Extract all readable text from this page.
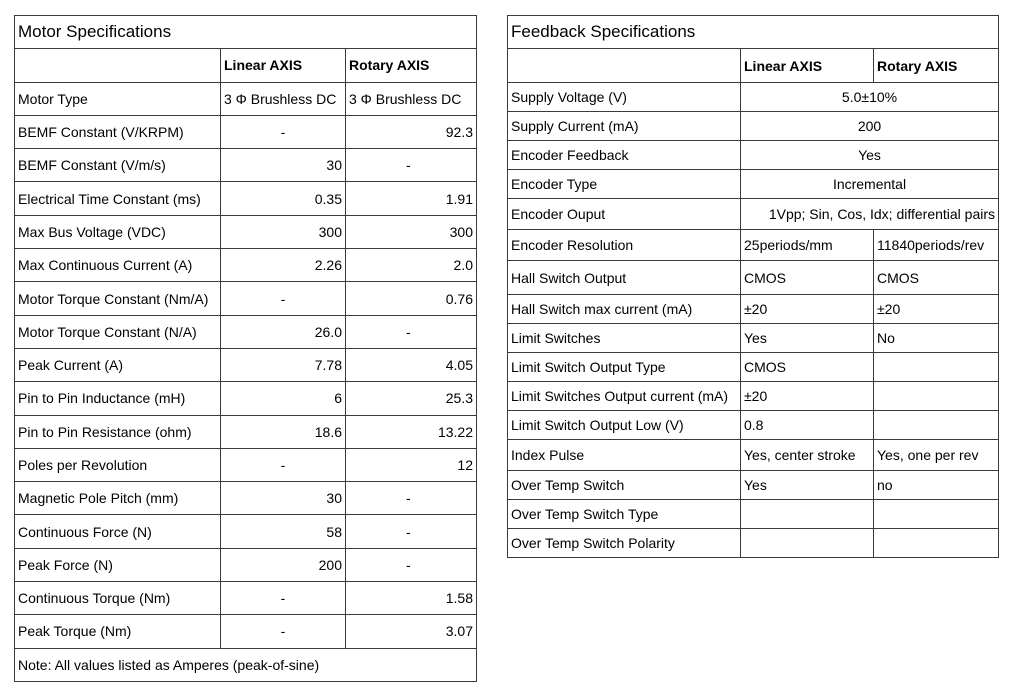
Motor Specifications		
	Linear AXIS	Rotary AXIS
Motor Type	3 Φ Brushless DC	3 Φ Brushless DC
BEMF Constant (V/KRPM)	-	92.3
BEMF Constant (V/m/s)	30	-
Electrical Time Constant (ms)	0.35	1.91
Max Bus Voltage (VDC)	300	300
Max Continuous Current (A)	2.26	2.0
Motor Torque Constant (Nm/A)	-	0.76
Motor Torque Constant (N/A)	26.0	-
Peak Current (A)	7.78	4.05
Pin to Pin Inductance (mH)	6	25.3
Pin to Pin Resistance (ohm)	18.6	13.22
Poles per Revolution	-	12
Magnetic Pole Pitch (mm)	30	-
Continuous Force (N)	58	-
Peak Force (N)	200	-
Continuous Torque (Nm)	-	1.58
Peak Torque (Nm)	-	3.07
Note: All values listed as Amperes (peak-of-sine)		
Feedback Specifications		
	Linear AXIS	Rotary AXIS
Supply Voltage (V)	5.0±10%	
Supply Current (mA)	200	
Encoder Feedback	Yes	
Encoder Type	Incremental	
Encoder Ouput	1Vpp; Sin, Cos, Idx; differential pairs	
Encoder Resolution	25periods/mm	11840periods/rev
Hall Switch Output	CMOS	CMOS
Hall Switch max current (mA)	±20	±20
Limit Switches	Yes	No
Limit Switch Output Type	CMOS	
Limit Switches Output current (mA)	±20	
Limit Switch Output Low (V)	0.8	
Index Pulse	Yes, center stroke	Yes, one per rev
Over Temp Switch	Yes	no
Over Temp Switch Type		
Over Temp Switch Polarity		
